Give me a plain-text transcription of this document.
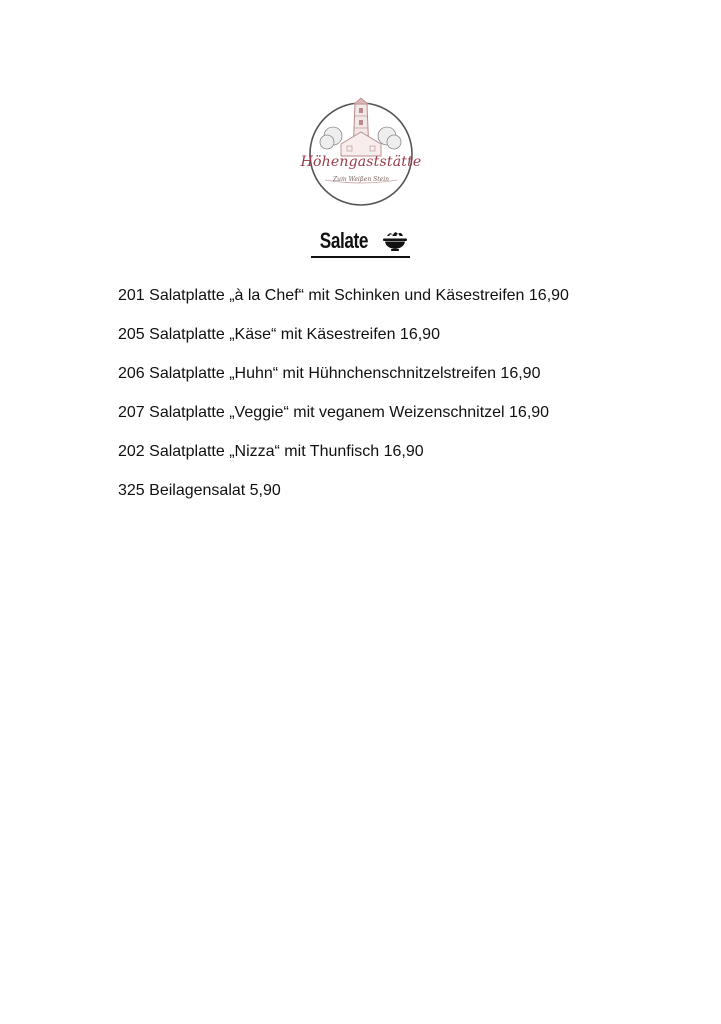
Höhengaststätte
Zum Weißen Stein
Salate
201 Salatplatte „à la Chef“ mit Schinken und Käsestreifen 16,90
205 Salatplatte „Käse“ mit Käsestreifen 16,90
206 Salatplatte „Huhn“ mit Hühnchenschnitzelstreifen 16,90
207 Salatplatte „Veggie“ mit veganem Weizenschnitzel 16,90
202 Salatplatte „Nizza“ mit Thunfisch 16,90
325 Beilagensalat 5,90
